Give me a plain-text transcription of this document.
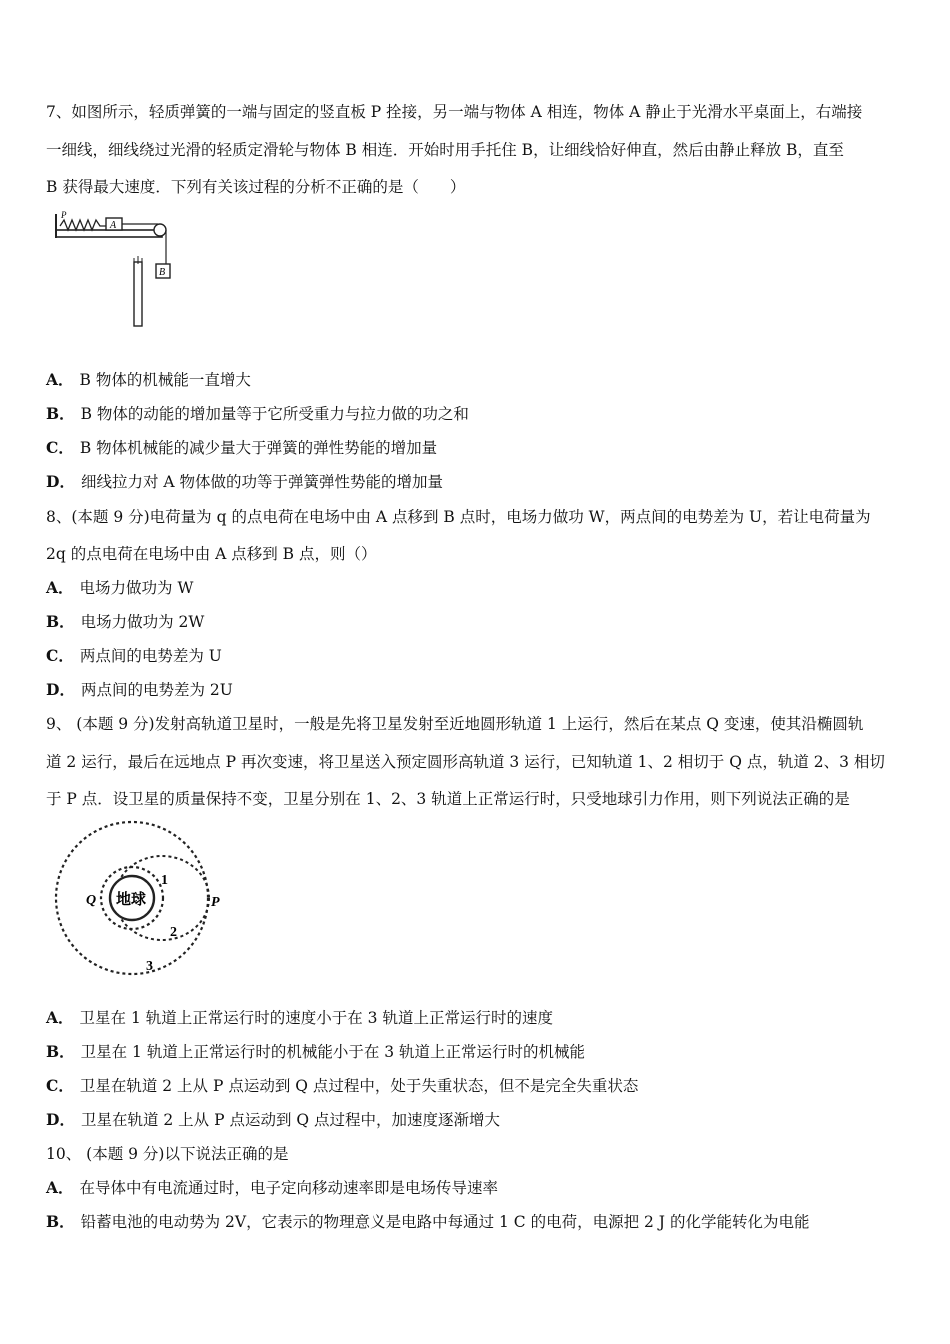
7、如图所示，轻质弹簧的一端与固定的竖直板 P 拴接，另一端与物体 A 相连，物体 A 静止于光滑水平桌面上，右端接
一细线，细线绕过光滑的轻质定滑轮与物体 B 相连．开始时用手托住 B，让细线恰好伸直，然后由静止释放 B，直至
B 获得最大速度．下列有关该过程的分析不正确的是（　　）
A
B
P
A． B 物体的机械能一直增大
B． B 物体的动能的增加量等于它所受重力与拉力做的功之和
C． B 物体机械能的减少量大于弹簧的弹性势能的增加量
D． 细线拉力对 A 物体做的功等于弹簧弹性势能的增加量
8、(本题 9 分)电荷量为 q 的点电荷在电场中由 A 点移到 B 点时，电场力做功 W，两点间的电势差为 U，若让电荷量为
2q 的点电荷在电场中由 A 点移到 B 点，则（）
A． 电场力做功为 W
B． 电场力做功为 2W
C． 两点间的电势差为 U
D． 两点间的电势差为 2U
9、 (本题 9 分)发射高轨道卫星时，一般是先将卫星发射至近地圆形轨道 1 上运行，然后在某点 Q 变速，使其沿椭圆轨
道 2 运行，最后在远地点 P 再次变速，将卫星送入预定圆形高轨道 3 运行，已知轨道 1、2 相切于 Q 点，轨道 2、3 相切
于 P 点．设卫星的质量保持不变，卫星分别在 1、2、3 轨道上正常运行时，只受地球引力作用，则下列说法正确的是
地球
Q
1
2
3
P
A． 卫星在 1 轨道上正常运行时的速度小于在 3 轨道上正常运行时的速度
B． 卫星在 1 轨道上正常运行时的机械能小于在 3 轨道上正常运行时的机械能
C． 卫星在轨道 2 上从 P 点运动到 Q 点过程中，处于失重状态，但不是完全失重状态
D． 卫星在轨道 2 上从 P 点运动到 Q 点过程中，加速度逐渐增大
10、 (本题 9 分)以下说法正确的是
A． 在导体中有电流通过时，电子定向移动速率即是电场传导速率
B． 铅蓄电池的电动势为 2V，它表示的物理意义是电路中每通过 1 C 的电荷，电源把 2 J 的化学能转化为电能
